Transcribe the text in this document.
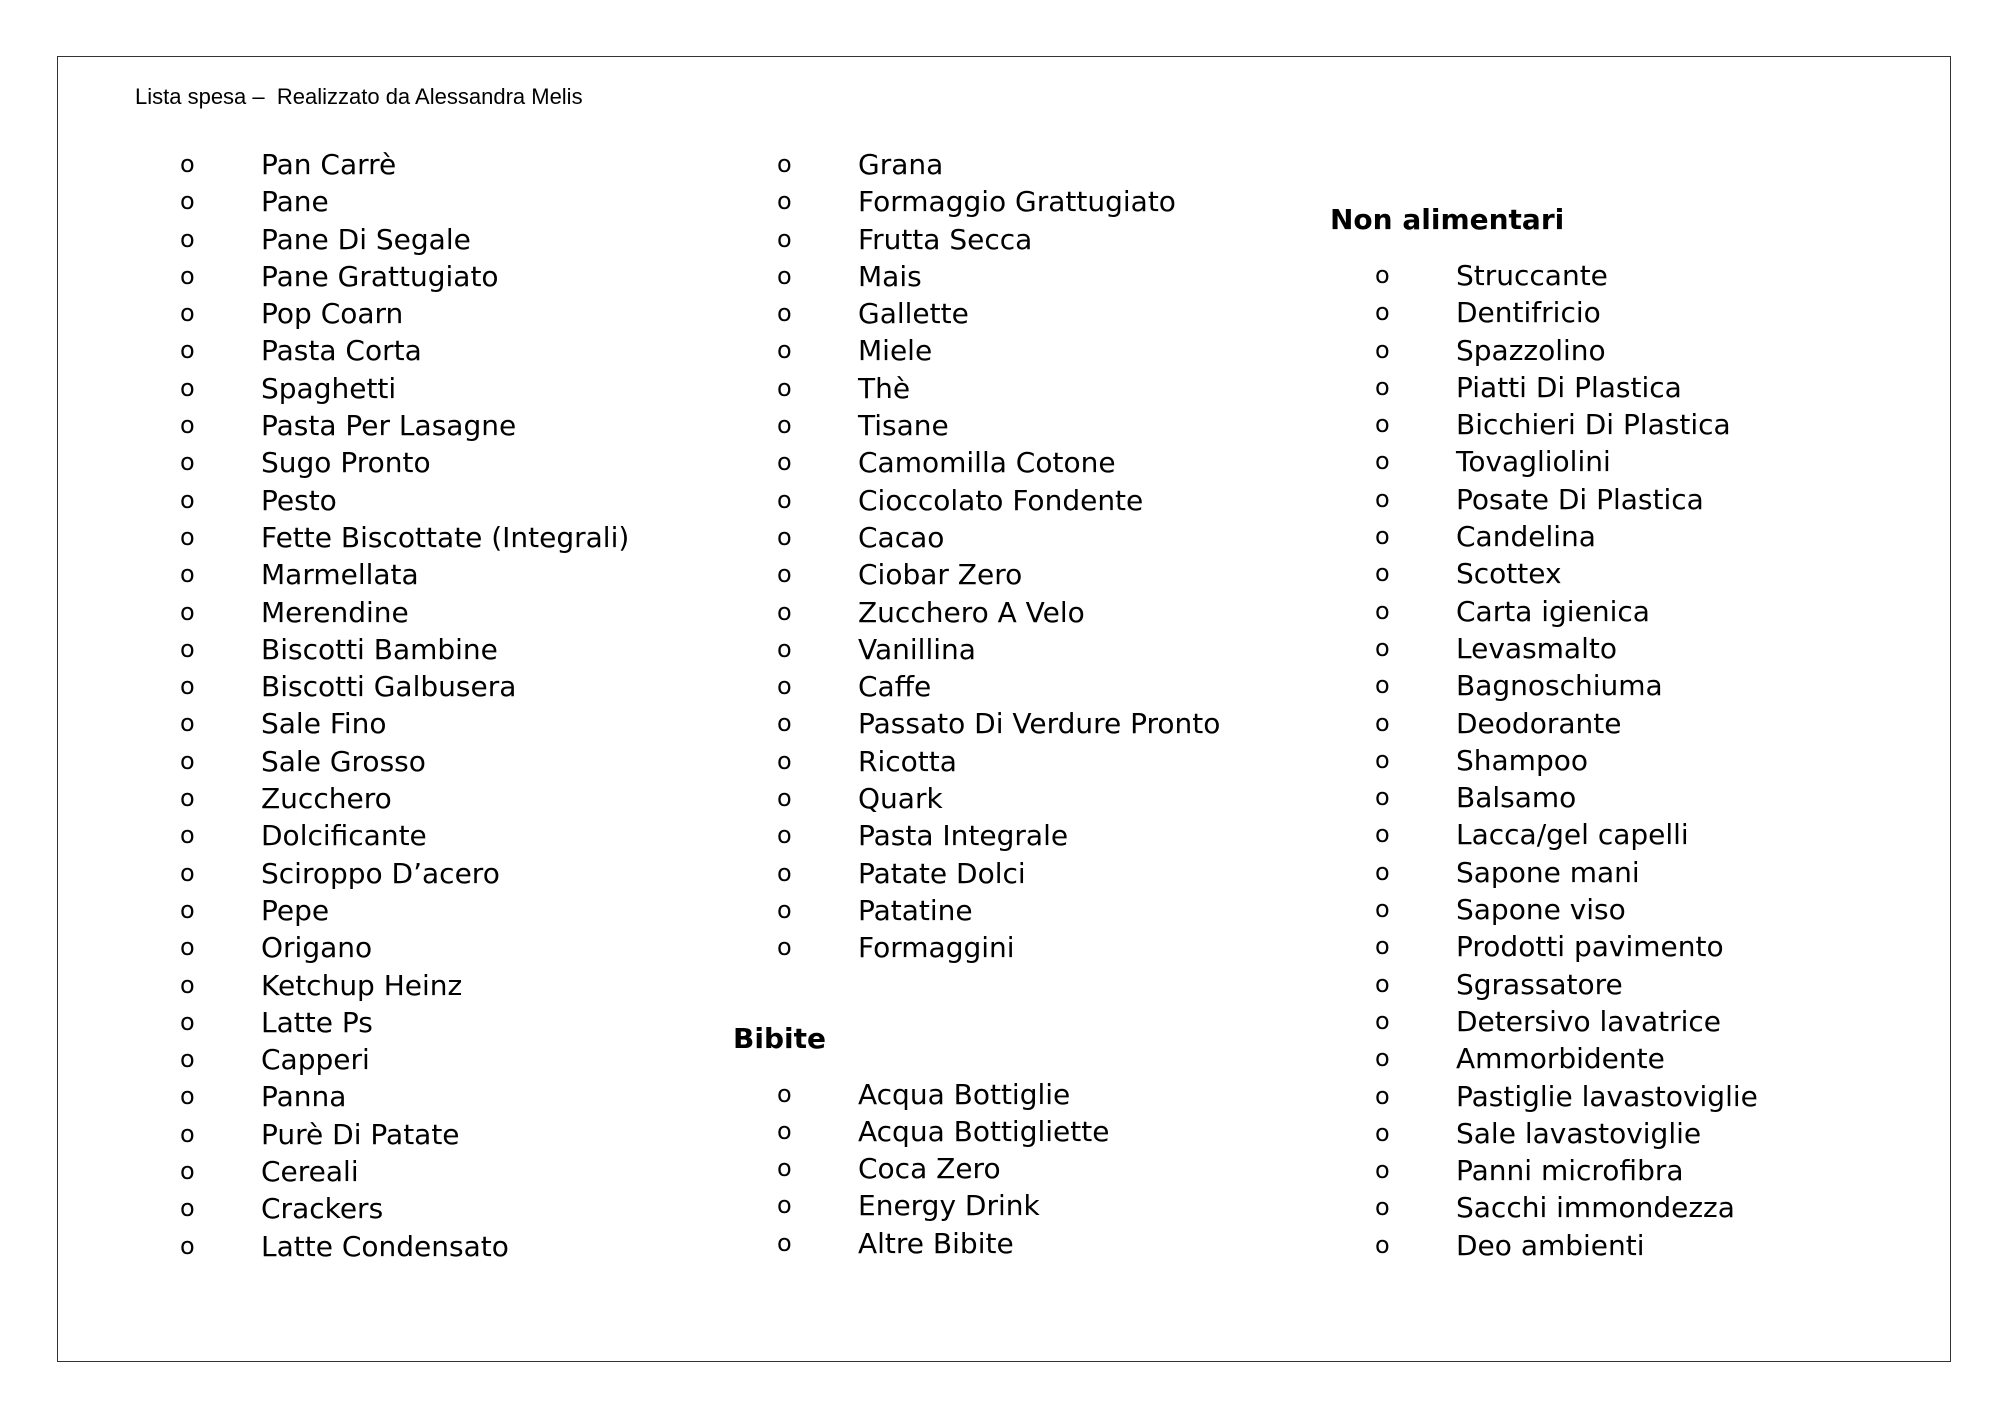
Lista spesa –  Realizzato da Alessandra Melis
o	Pan Carrè
o	Pane
o	Pane Di Segale
o	Pane Grattugiato
o	Pop Coarn
o	Pasta Corta
o	Spaghetti
o	Pasta Per Lasagne
o	Sugo Pronto
o	Pesto
o	Fette Biscottate (Integrali)
o	Marmellata
o	Merendine
o	Biscotti Bambine
o	Biscotti Galbusera
o	Sale Fino
o	Sale Grosso
o	Zucchero
o	Dolcificante
o	Sciroppo D’acero
o	Pepe
o	Origano
o	Ketchup Heinz
o	Latte Ps
o	Capperi
o	Panna
o	Purè Di Patate
o	Cereali
o	Crackers
o	Latte Condensato
o	Grana
o	Formaggio Grattugiato
o	Frutta Secca
o	Mais
o	Gallette
o	Miele
o	Thè
o	Tisane
o	Camomilla Cotone
o	Cioccolato Fondente
o	Cacao
o	Ciobar Zero
o	Zucchero A Velo
o	Vanillina
o	Caffe
o	Passato Di Verdure Pronto
o	Ricotta
o	Quark
o	Pasta Integrale
o	Patate Dolci
o	Patatine
o	Formaggini
Bibite
o	Acqua Bottiglie
o	Acqua Bottigliette
o	Coca Zero
o	Energy Drink
o	Altre Bibite
Non alimentari
o	Struccante
o	Dentifricio
o	Spazzolino
o	Piatti Di Plastica
o	Bicchieri Di Plastica
o	Tovagliolini
o	Posate Di Plastica
o	Candelina
o	Scottex
o	Carta igienica
o	Levasmalto
o	Bagnoschiuma
o	Deodorante
o	Shampoo
o	Balsamo
o	Lacca/gel capelli
o	Sapone mani
o	Sapone viso
o	Prodotti pavimento
o	Sgrassatore
o	Detersivo lavatrice
o	Ammorbidente
o	Pastiglie lavastoviglie
o	Sale lavastoviglie
o	Panni microfibra
o	Sacchi immondezza
o	Deo ambienti
